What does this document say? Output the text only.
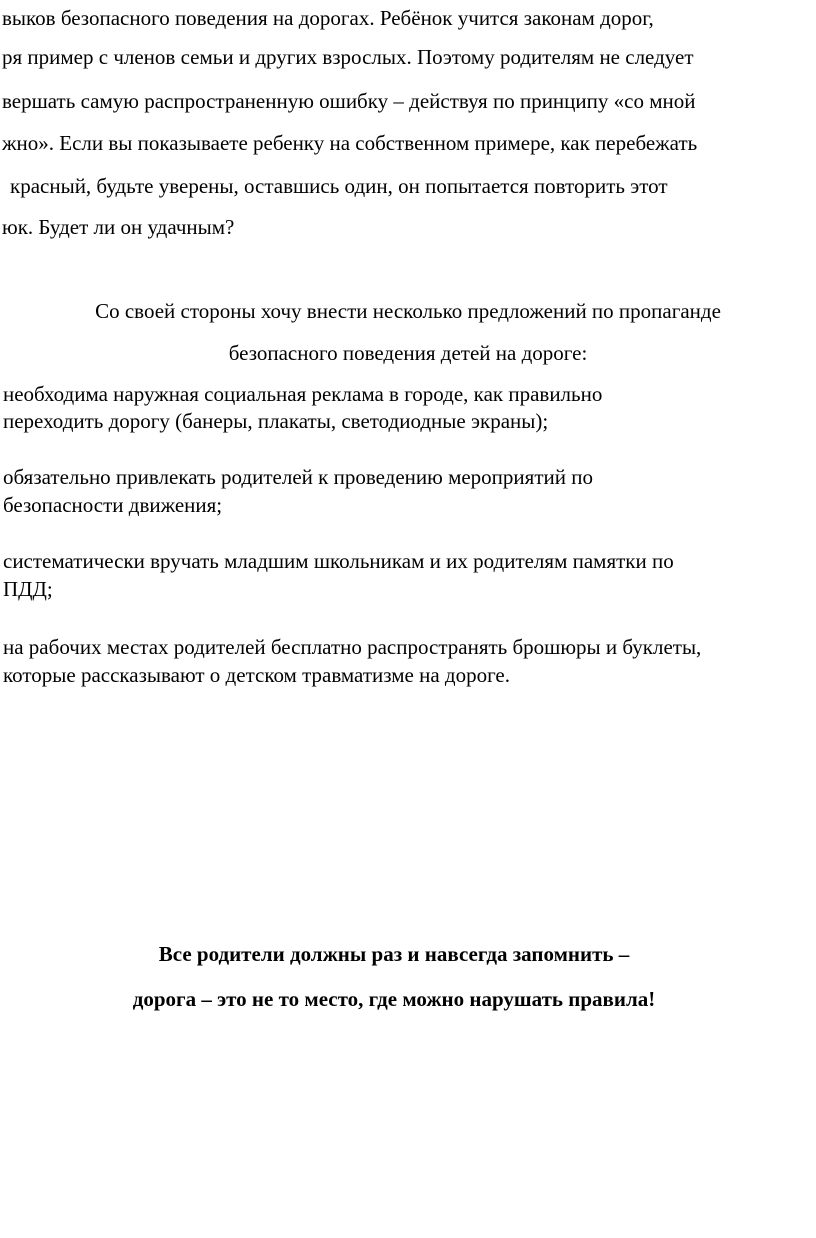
выков безопасного поведения на дорогах. Ребёнок учится законам дорог,
ря пример с членов семьи и других взрослых. Поэтому родителям не следует
вершать самую распространенную ошибку – действуя по принципу «со мной
жно». Если вы показываете ребенку на собственном примере, как перебежать
красный, будьте уверены, оставшись один, он попытается повторить этот
юк. Будет ли он удачным?
Со своей стороны хочу внести несколько предложений по пропаганде
безопасного поведения детей на дороге:
необходима наружная социальная реклама в городе, как правильно
переходить дорогу (банеры, плакаты, светодиодные экраны);
обязательно привлекать родителей к проведению мероприятий по
безопасности движения;
систематически вручать младшим школьникам и их родителям памятки по
ПДД;
на рабочих местах родителей бесплатно распространять брошюры и буклеты,
которые рассказывают о детском травматизме на дороге.
Все родители должны раз и навсегда запомнить –
дорога – это не то место, где можно нарушать правила!
